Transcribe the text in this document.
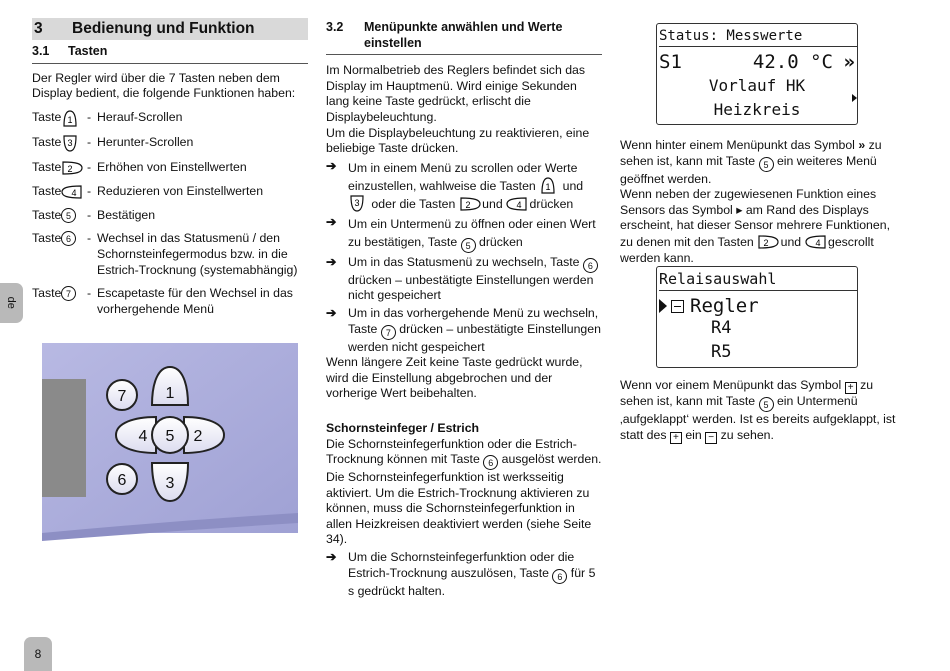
3	Bedienung und Funktion
3.1	Tasten

Der Regler wird über die 7 Tasten neben dem Display bedient, die folgende Funktionen haben:

Taste 1 - Herauf-Scrollen
Taste 3 - Herunter-Scrollen
Taste 2 - Erhöhen von Einstellwerten
Taste 4 - Reduzieren von Einstellwerten
Taste 5	- Bestätigen
Taste 6	- Wechsel in das Statusmenü / den Schornsteinfegermodus bzw. in die Estrich-Trocknung (systemabhängig)
Taste 7	- Escapetaste für den Wechsel in das vorhergehende Menü
1
3
4	2
5
7
6
3.2	Menüpunkte anwählen und Werte einstellen

Im Normalbetrieb des Reglers befindet sich das Display im Hauptmenü. Wird einige Sekunden lang keine Taste gedrückt, erlischt die Displaybeleuchtung.

Um die Displaybeleuchtung zu reaktivieren, eine beliebige Taste drücken.

➔ Um in einem Menü zu scrollen oder Werte einzustellen, wahlweise die Tasten 1 und
3 oder die Tasten 2 und 4 drücken
➔ Um ein Untermenü zu öffnen oder einen Wert zu bestätigen, Taste 5 drücken
➔ Um in das Statusmenü zu wechseln, Taste 6 drücken – unbestätigte Einstellungen werden nicht gespeichert
➔ Um in das vorhergehende Menü zu wechseln, Taste 7 drücken – unbestätigte Einstellungen werden nicht gespeichert

Wenn längere Zeit keine Taste gedrückt wurde, wird die Einstellung abgebrochen und der vorherige Wert beibehalten.

Schornsteinfeger / Estrich

Die Schornsteinfegerfunktion oder die Estrich-Trocknung können mit Taste 6 ausgelöst werden. Die Schornsteinfegerfunktion ist werksseitig aktiviert. Um die Estrich-Trocknung aktivieren zu können, muss die Schornsteinfegerfunktion in allen Heizkreisen deaktiviert werden (siehe Seite 34).

➔ Um die Schornsteinfegerfunktion oder die Estrich-Trocknung auszulösen, Taste 6 für 5 s gedrückt halten.
Status: Messwerte
S1	42.0 °C »
Vorlauf HK
Heizkreis

Wenn hinter einem Menüpunkt das Symbol » zu sehen ist, kann mit Taste 5 ein weiteres Menü geöffnet werden.

Wenn neben der zugewiesenen Funktion eines Sensors das Symbol ▸ am Rand des Displays erscheint, hat dieser Sensor mehrere Funktionen, zu denen mit den Tasten 2 und 4 gescrollt werden kann.

Relaisauswahl
Regler
R4
R5

Wenn vor einem Menüpunkt das Symbol + zu sehen ist, kann mit Taste 5 ein Untermenü ‚aufgeklappt‘ werden. Ist es bereits aufgeklappt, ist statt des + ein − zu sehen.

de
8
